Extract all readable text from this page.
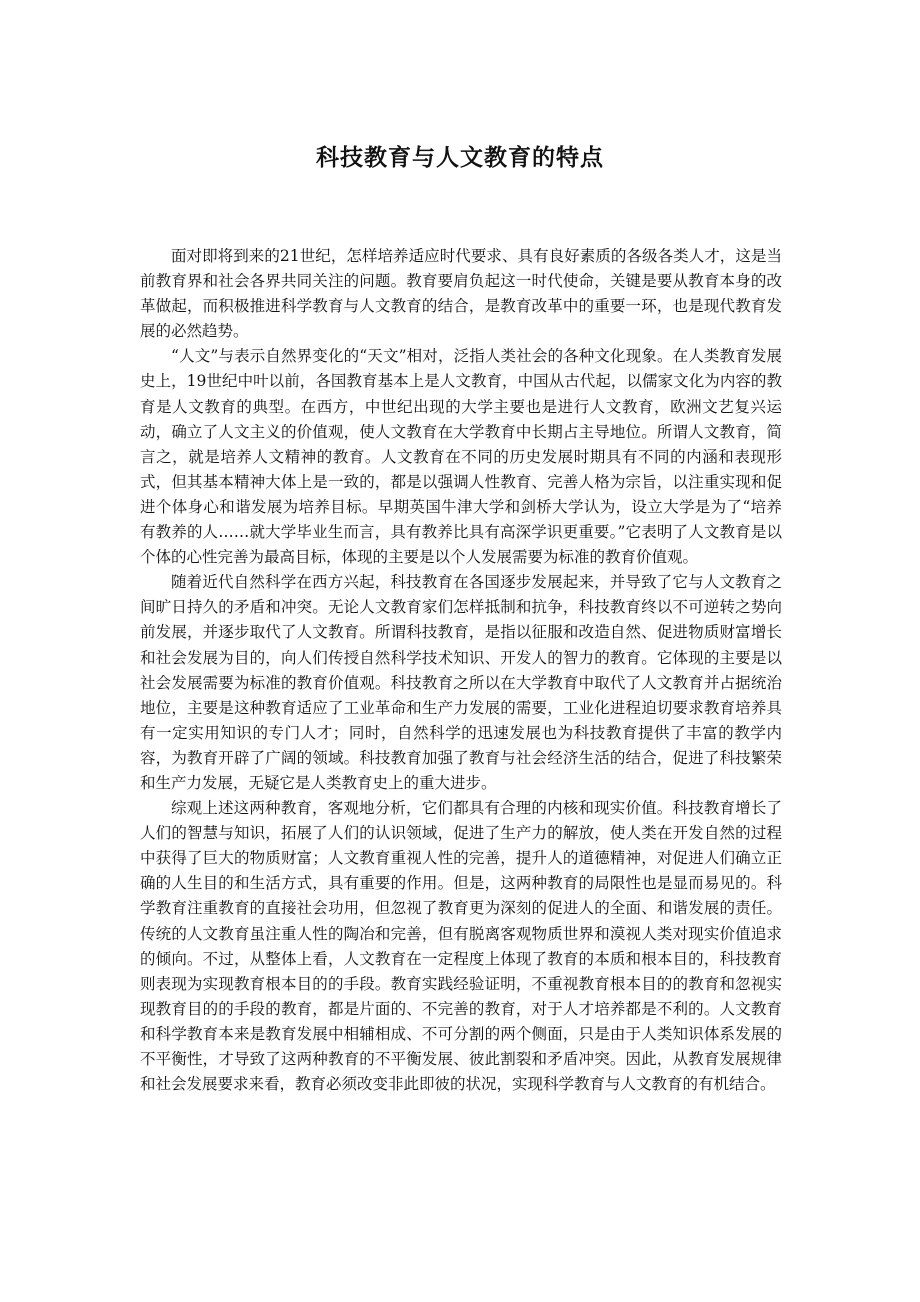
科技教育与人文教育的特点

面对即将到来的21世纪，怎样培养适应时代要求、具有良好素质的各级各类人才，这是当前教育界和社会各界共同关注的问题。教育要肩负起这一时代使命，关键是要从教育本身的改革做起，而积极推进科学教育与人文教育的结合，是教育改革中的重要一环，也是现代教育发展的必然趋势。

“人文”与表示自然界变化的“天文”相对，泛指人类社会的各种文化现象。在人类教育发展史上，19世纪中叶以前，各国教育基本上是人文教育，中国从古代起，以儒家文化为内容的教育是人文教育的典型。在西方，中世纪出现的大学主要也是进行人文教育，欧洲文艺复兴运动，确立了人文主义的价值观，使人文教育在大学教育中长期占主导地位。所谓人文教育，简言之，就是培养人文精神的教育。人文教育在不同的历史发展时期具有不同的内涵和表现形式，但其基本精神大体上是一致的，都是以强调人性教育、完善人格为宗旨，以注重实现和促进个体身心和谐发展为培养目标。早期英国牛津大学和剑桥大学认为，设立大学是为了“培养有教养的人……就大学毕业生而言，具有教养比具有高深学识更重要。”它表明了人文教育是以个体的心性完善为最高目标，体现的主要是以个人发展需要为标准的教育价值观。

随着近代自然科学在西方兴起，科技教育在各国逐步发展起来，并导致了它与人文教育之间旷日持久的矛盾和冲突。无论人文教育家们怎样抵制和抗争，科技教育终以不可逆转之势向前发展，并逐步取代了人文教育。所谓科技教育，是指以征服和改造自然、促进物质财富增长和社会发展为目的，向人们传授自然科学技术知识、开发人的智力的教育。它体现的主要是以社会发展需要为标准的教育价值观。科技教育之所以在大学教育中取代了人文教育并占据统治地位，主要是这种教育适应了工业革命和生产力发展的需要，工业化进程迫切要求教育培养具有一定实用知识的专门人才；同时，自然科学的迅速发展也为科技教育提供了丰富的教学内容，为教育开辟了广阔的领域。科技教育加强了教育与社会经济生活的结合，促进了科技繁荣和生产力发展，无疑它是人类教育史上的重大进步。

综观上述这两种教育，客观地分析，它们都具有合理的内核和现实价值。科技教育增长了人们的智慧与知识，拓展了人们的认识领域，促进了生产力的解放，使人类在开发自然的过程中获得了巨大的物质财富；人文教育重视人性的完善，提升人的道德精神，对促进人们确立正确的人生目的和生活方式，具有重要的作用。但是，这两种教育的局限性也是显而易见的。科学教育注重教育的直接社会功用，但忽视了教育更为深刻的促进人的全面、和谐发展的责任。传统的人文教育虽注重人性的陶冶和完善，但有脱离客观物质世界和漠视人类对现实价值追求的倾向。不过，从整体上看，人文教育在一定程度上体现了教育的本质和根本目的，科技教育则表现为实现教育根本目的的手段。教育实践经验证明，不重视教育根本目的的教育和忽视实现教育目的的手段的教育，都是片面的、不完善的教育，对于人才培养都是不利的。人文教育和科学教育本来是教育发展中相辅相成、不可分割的两个侧面，只是由于人类知识体系发展的不平衡性，才导致了这两种教育的不平衡发展、彼此割裂和矛盾冲突。因此，从教育发展规律和社会发展要求来看，教育必须改变非此即彼的状况，实现科学教育与人文教育的有机结合。
